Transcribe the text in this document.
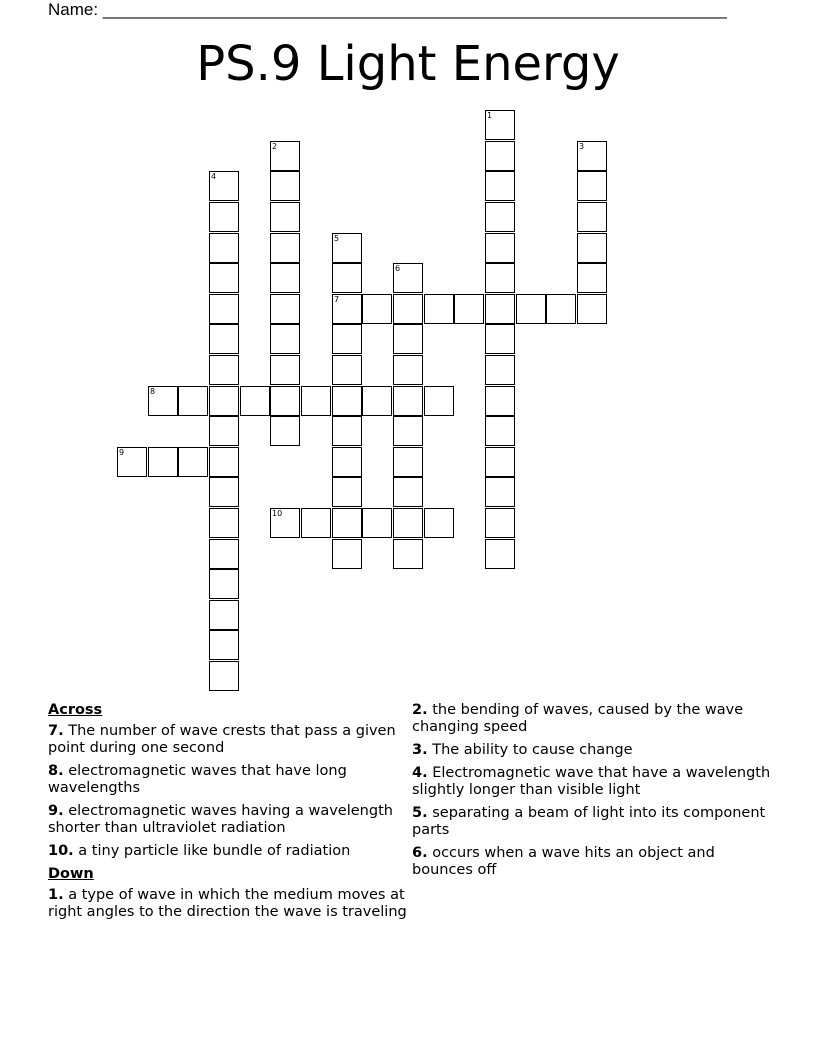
Name: __________________________________________________________________
PS.9 Light Energy
1
2	3
4
5
6
7
8
9
10
Across
7. The number of wave crests that pass a given point during one second
8. electromagnetic waves that have long wavelengths
9. electromagnetic waves having a wavelength shorter than ultraviolet radiation
10. a tiny particle like bundle of radiation
Down
1. a type of wave in which the medium moves at right angles to the direction the wave is traveling
2. the bending of waves, caused by the wave changing speed
3. The ability to cause change
4. Electromagnetic wave that have a wavelength slightly longer than visible light
5. separating a beam of light into its component parts
6. occurs when a wave hits an object and bounces off
